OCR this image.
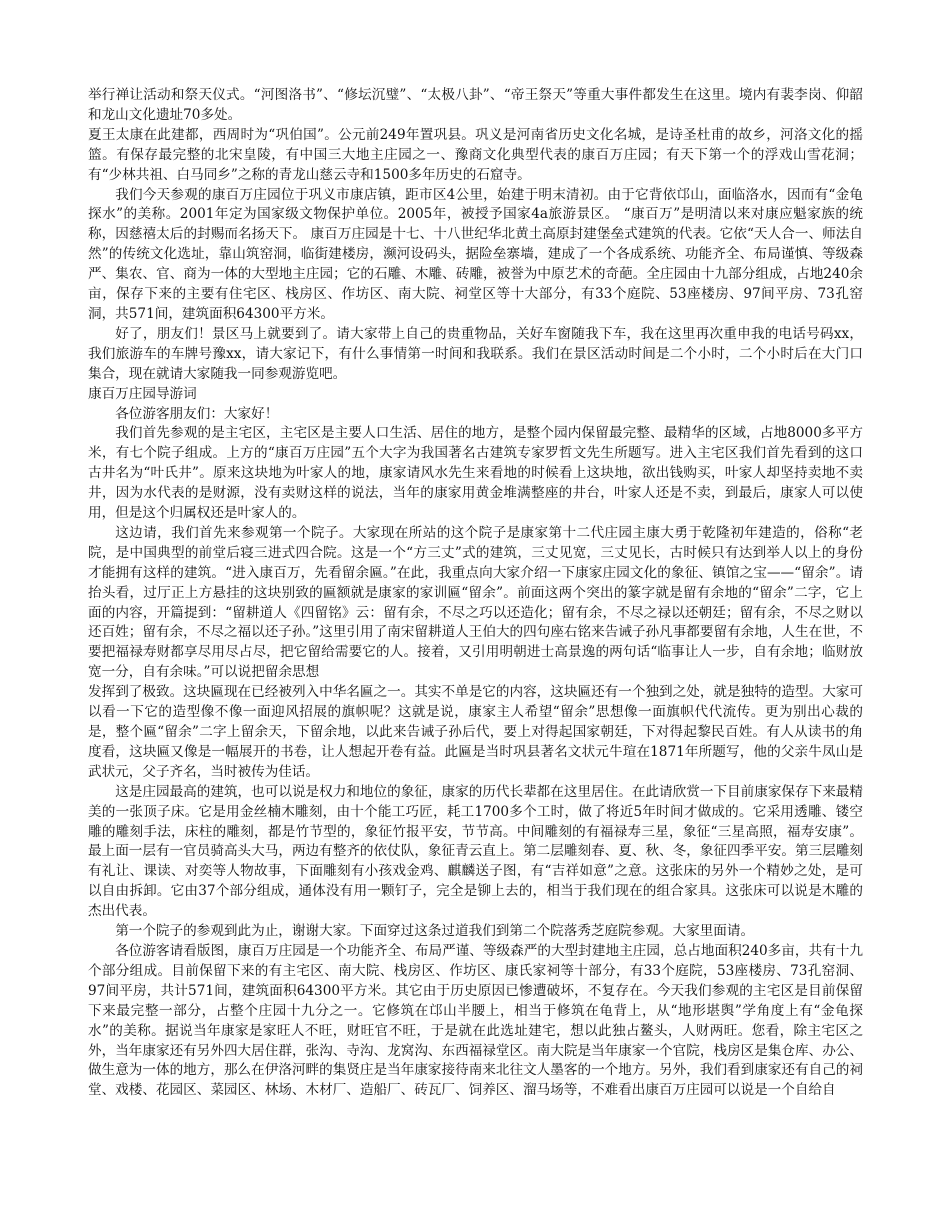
举行禅让活动和祭天仪式。“河图洛书”、“修坛沉璧”、“太极八卦”、“帝王祭天”等重大事件都发生在这里。境内有裴李岗、仰韶和龙山文化遗址70多处。

夏王太康在此建都，西周时为“巩伯国”。公元前249年置巩县。巩义是河南省历史文化名城，是诗圣杜甫的故乡，河洛文化的摇篮。有保存最完整的北宋皇陵，有中国三大地主庄园之一、豫商文化典型代表的康百万庄园；有天下第一个的浮戏山雪花洞；有“少林共祖、白马同乡”之称的青龙山慈云寺和1500多年历史的石窟寺。

我们今天参观的康百万庄园位于巩义市康店镇，距市区4公里，始建于明末清初。由于它背依邙山，面临洛水，因而有“金龟探水”的美称。2001年定为国家级文物保护单位。2005年，被授予国家4a旅游景区。 “康百万”是明清以来对康应魁家族的统称，因慈禧太后的封赐而名扬天下。 康百万庄园是十七、十八世纪华北黄土高原封建堡垒式建筑的代表。它依“天人合一、师法自然”的传统文化选址，靠山筑窑洞，临街建楼房，濒河设码头，据险垒寨墙，建成了一个各成系统、功能齐全、布局谨慎、等级森严、集农、官、商为一体的大型地主庄园；它的石雕、木雕、砖雕，被誉为中原艺术的奇葩。全庄园由十九部分组成，占地240余亩，保存下来的主要有住宅区、栈房区、作坊区、南大院、祠堂区等十大部分，有33个庭院、53座楼房、97间平房、73孔窑洞，共571间，建筑面积64300平方米。

好了，朋友们！景区马上就要到了。请大家带上自己的贵重物品，关好车窗随我下车，我在这里再次重申我的电话号码xx，我们旅游车的车牌号豫xx，请大家记下，有什么事情第一时间和我联系。我们在景区活动时间是二个小时，二个小时后在大门口集合，现在就请大家随我一同参观游览吧。

康百万庄园导游词

各位游客朋友们：大家好！

我们首先参观的是主宅区，主宅区是主要人口生活、居住的地方，是整个园内保留最完整、最精华的区域，占地8000多平方米，有七个院子组成。上方的“康百万庄园”五个大字为我国著名古建筑专家罗哲文先生所题写。进入主宅区我们首先看到的这口古井名为“叶氏井”。原来这块地为叶家人的地，康家请风水先生来看地的时候看上这块地，欲出钱购买，叶家人却坚持卖地不卖井，因为水代表的是财源，没有卖财这样的说法，当年的康家用黄金堆满整座的井台，叶家人还是不卖，到最后，康家人可以使用，但是这个归属权还是叶家人的。

这边请，我们首先来参观第一个院子。大家现在所站的这个院子是康家第十二代庄园主康大勇于乾隆初年建造的，俗称“老院，是中国典型的前堂后寝三进式四合院。这是一个“方三丈”式的建筑，三丈见宽，三丈见长，古时候只有达到举人以上的身份才能拥有这样的建筑。“进入康百万，先看留余匾。”在此，我重点向大家介绍一下康家庄园文化的象征、镇馆之宝——“留余”。请抬头看，过厅正上方悬挂的这块别致的匾额就是康家的家训匾“留余”。前面这两个突出的篆字就是留有余地的“留余”二字，它上面的内容，开篇提到：“留耕道人《四留铭》云：留有余，不尽之巧以还造化；留有余，不尽之禄以还朝廷；留有余，不尽之财以还百姓；留有余，不尽之福以还子孙。”这里引用了南宋留耕道人王伯大的四句座右铭来告诫子孙凡事都要留有余地，人生在世，不要把福禄寿财都享尽用尽占尽，把它留给需要它的人。接着，又引用明朝进士高景逸的两句话“临事让人一步，自有余地；临财放宽一分，自有余味。”可以说把留余思想

发挥到了极致。这块匾现在已经被列入中华名匾之一。其实不单是它的内容，这块匾还有一个独到之处，就是独特的造型。大家可以看一下它的造型像不像一面迎风招展的旗帜呢？这就是说，康家主人希望“留余”思想像一面旗帜代代流传。更为别出心裁的是，整个匾“留余”二字上留余天，下留余地，以此来告诫子孙后代，要上对得起国家朝廷，下对得起黎民百姓。有人从读书的角度看，这块匾又像是一幅展开的书卷，让人想起开卷有益。此匾是当时巩县著名文状元牛瑄在1871年所题写，他的父亲牛凤山是武状元，父子齐名，当时被传为佳话。

这是庄园最高的建筑，也可以说是权力和地位的象征，康家的历代长辈都在这里居住。在此请欣赏一下目前康家保存下来最精美的一张顶子床。它是用金丝楠木雕刻，由十个能工巧匠，耗工1700多个工时，做了将近5年时间才做成的。它采用透雕、镂空雕的雕刻手法，床柱的雕刻，都是竹节型的，象征竹报平安，节节高。中间雕刻的有福禄寿三星，象征“三星高照，福寿安康”。最上面一层有一官员骑高头大马，两边有整齐的依仗队，象征青云直上。第二层雕刻春、夏、秋、冬，象征四季平安。第三层雕刻有礼让、课读、对奕等人物故事，下面雕刻有小孩戏金鸡、麒麟送子图，有“吉祥如意”之意。这张床的另外一个精妙之处，是可以自由拆卸。它由37个部分组成，通体没有用一颗钉子，完全是铆上去的，相当于我们现在的组合家具。这张床可以说是木雕的杰出代表。

第一个院子的参观到此为止，谢谢大家。下面穿过这条过道我们到第二个院落秀芝庭院参观。大家里面请。

各位游客请看版图，康百万庄园是一个功能齐全、布局严谨、等级森严的大型封建地主庄园，总占地面积240多亩，共有十九个部分组成。目前保留下来的有主宅区、南大院、栈房区、作坊区、康氏家祠等十部分，有33个庭院，53座楼房、73孔窑洞、97间平房，共计571间，建筑面积64300平方米。其它由于历史原因已惨遭破坏，不复存在。今天我们参观的主宅区是目前保留下来最完整一部分，占整个庄园十九分之一。它修筑在邙山半腰上，相当于修筑在龟背上，从“地形堪舆”学角度上有“金龟探水”的美称。据说当年康家是家旺人不旺，财旺官不旺，于是就在此选址建宅，想以此独占鳌头，人财两旺。您看，除主宅区之外，当年康家还有另外四大居住群，张沟、寺沟、龙窝沟、东西福禄堂区。南大院是当年康家一个官院，栈房区是集仓库、办公、做生意为一体的地方，那么在伊洛河畔的集贤庄是当年康家接待南来北往文人墨客的一个地方。另外，我们看到康家还有自己的祠堂、戏楼、花园区、菜园区、林场、木材厂、造船厂、砖瓦厂、饲养区、溜马场等，不难看出康百万庄园可以说是一个自给自
